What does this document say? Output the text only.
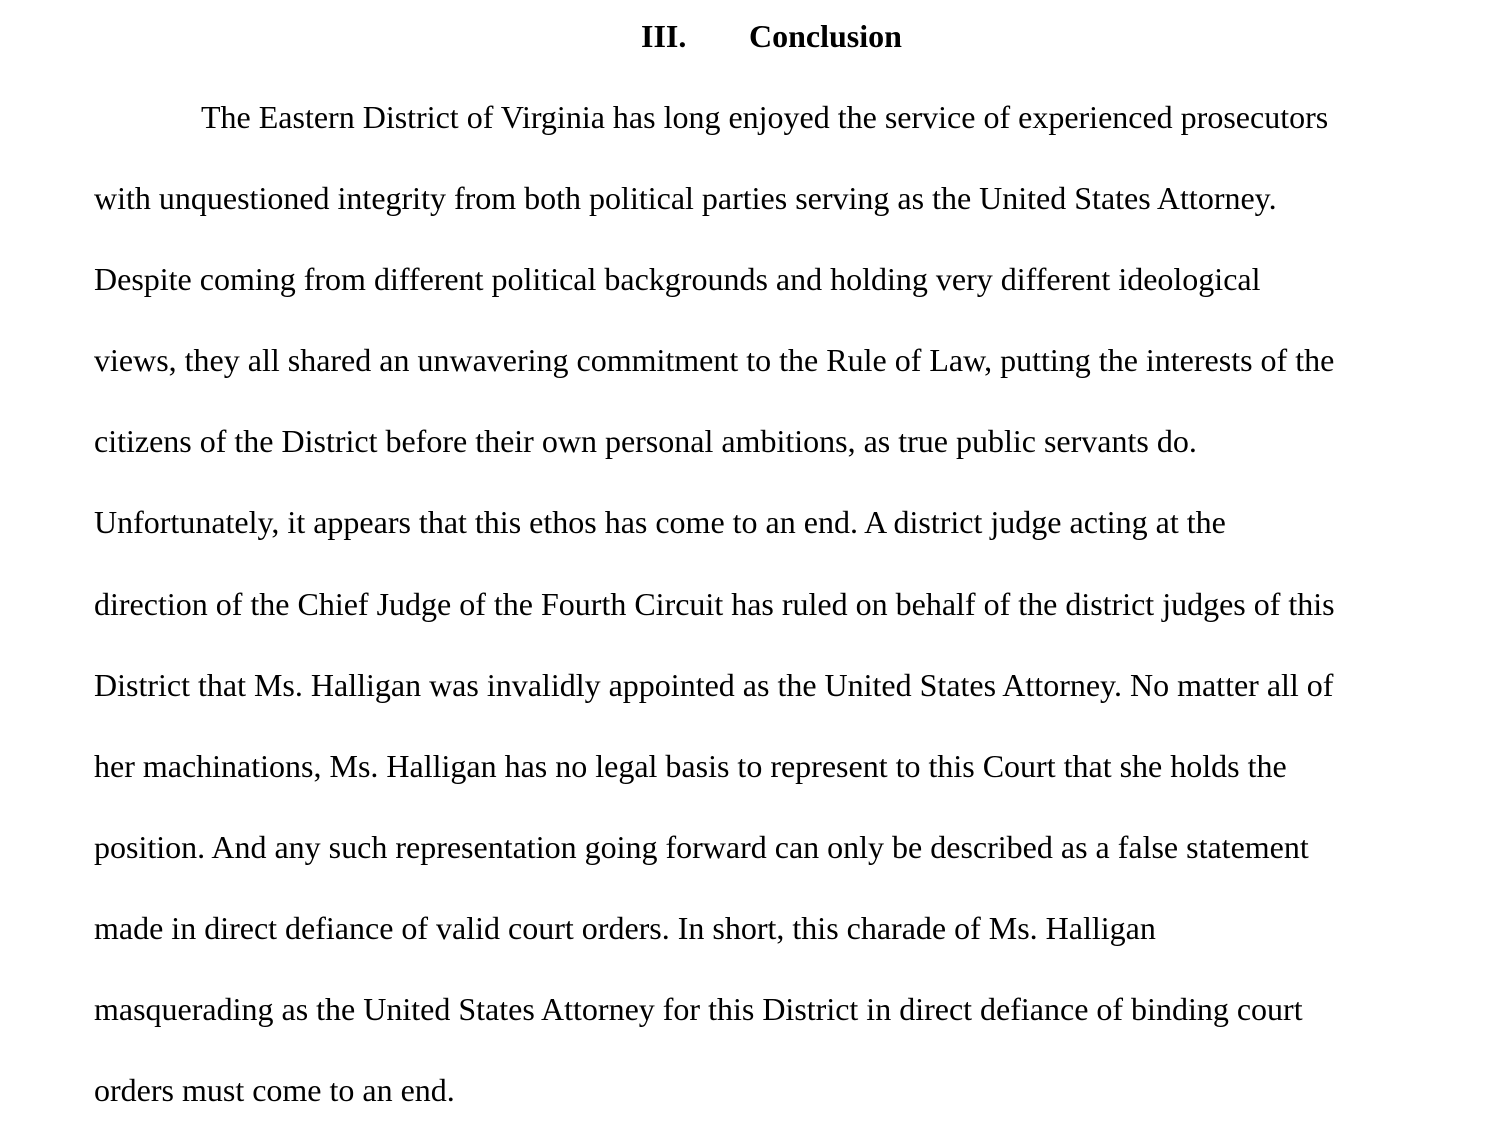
III. Conclusion
The Eastern District of Virginia has long enjoyed the service of experienced prosecutors
with unquestioned integrity from both political parties serving as the United States Attorney.
Despite coming from different political backgrounds and holding very different ideological
views, they all shared an unwavering commitment to the Rule of Law, putting the interests of the
citizens of the District before their own personal ambitions, as true public servants do.
Unfortunately, it appears that this ethos has come to an end. A district judge acting at the
direction of the Chief Judge of the Fourth Circuit has ruled on behalf of the district judges of this
District that Ms. Halligan was invalidly appointed as the United States Attorney. No matter all of
her machinations, Ms. Halligan has no legal basis to represent to this Court that she holds the
position. And any such representation going forward can only be described as a false statement
made in direct defiance of valid court orders. In short, this charade of Ms. Halligan
masquerading as the United States Attorney for this District in direct defiance of binding court
orders must come to an end.
